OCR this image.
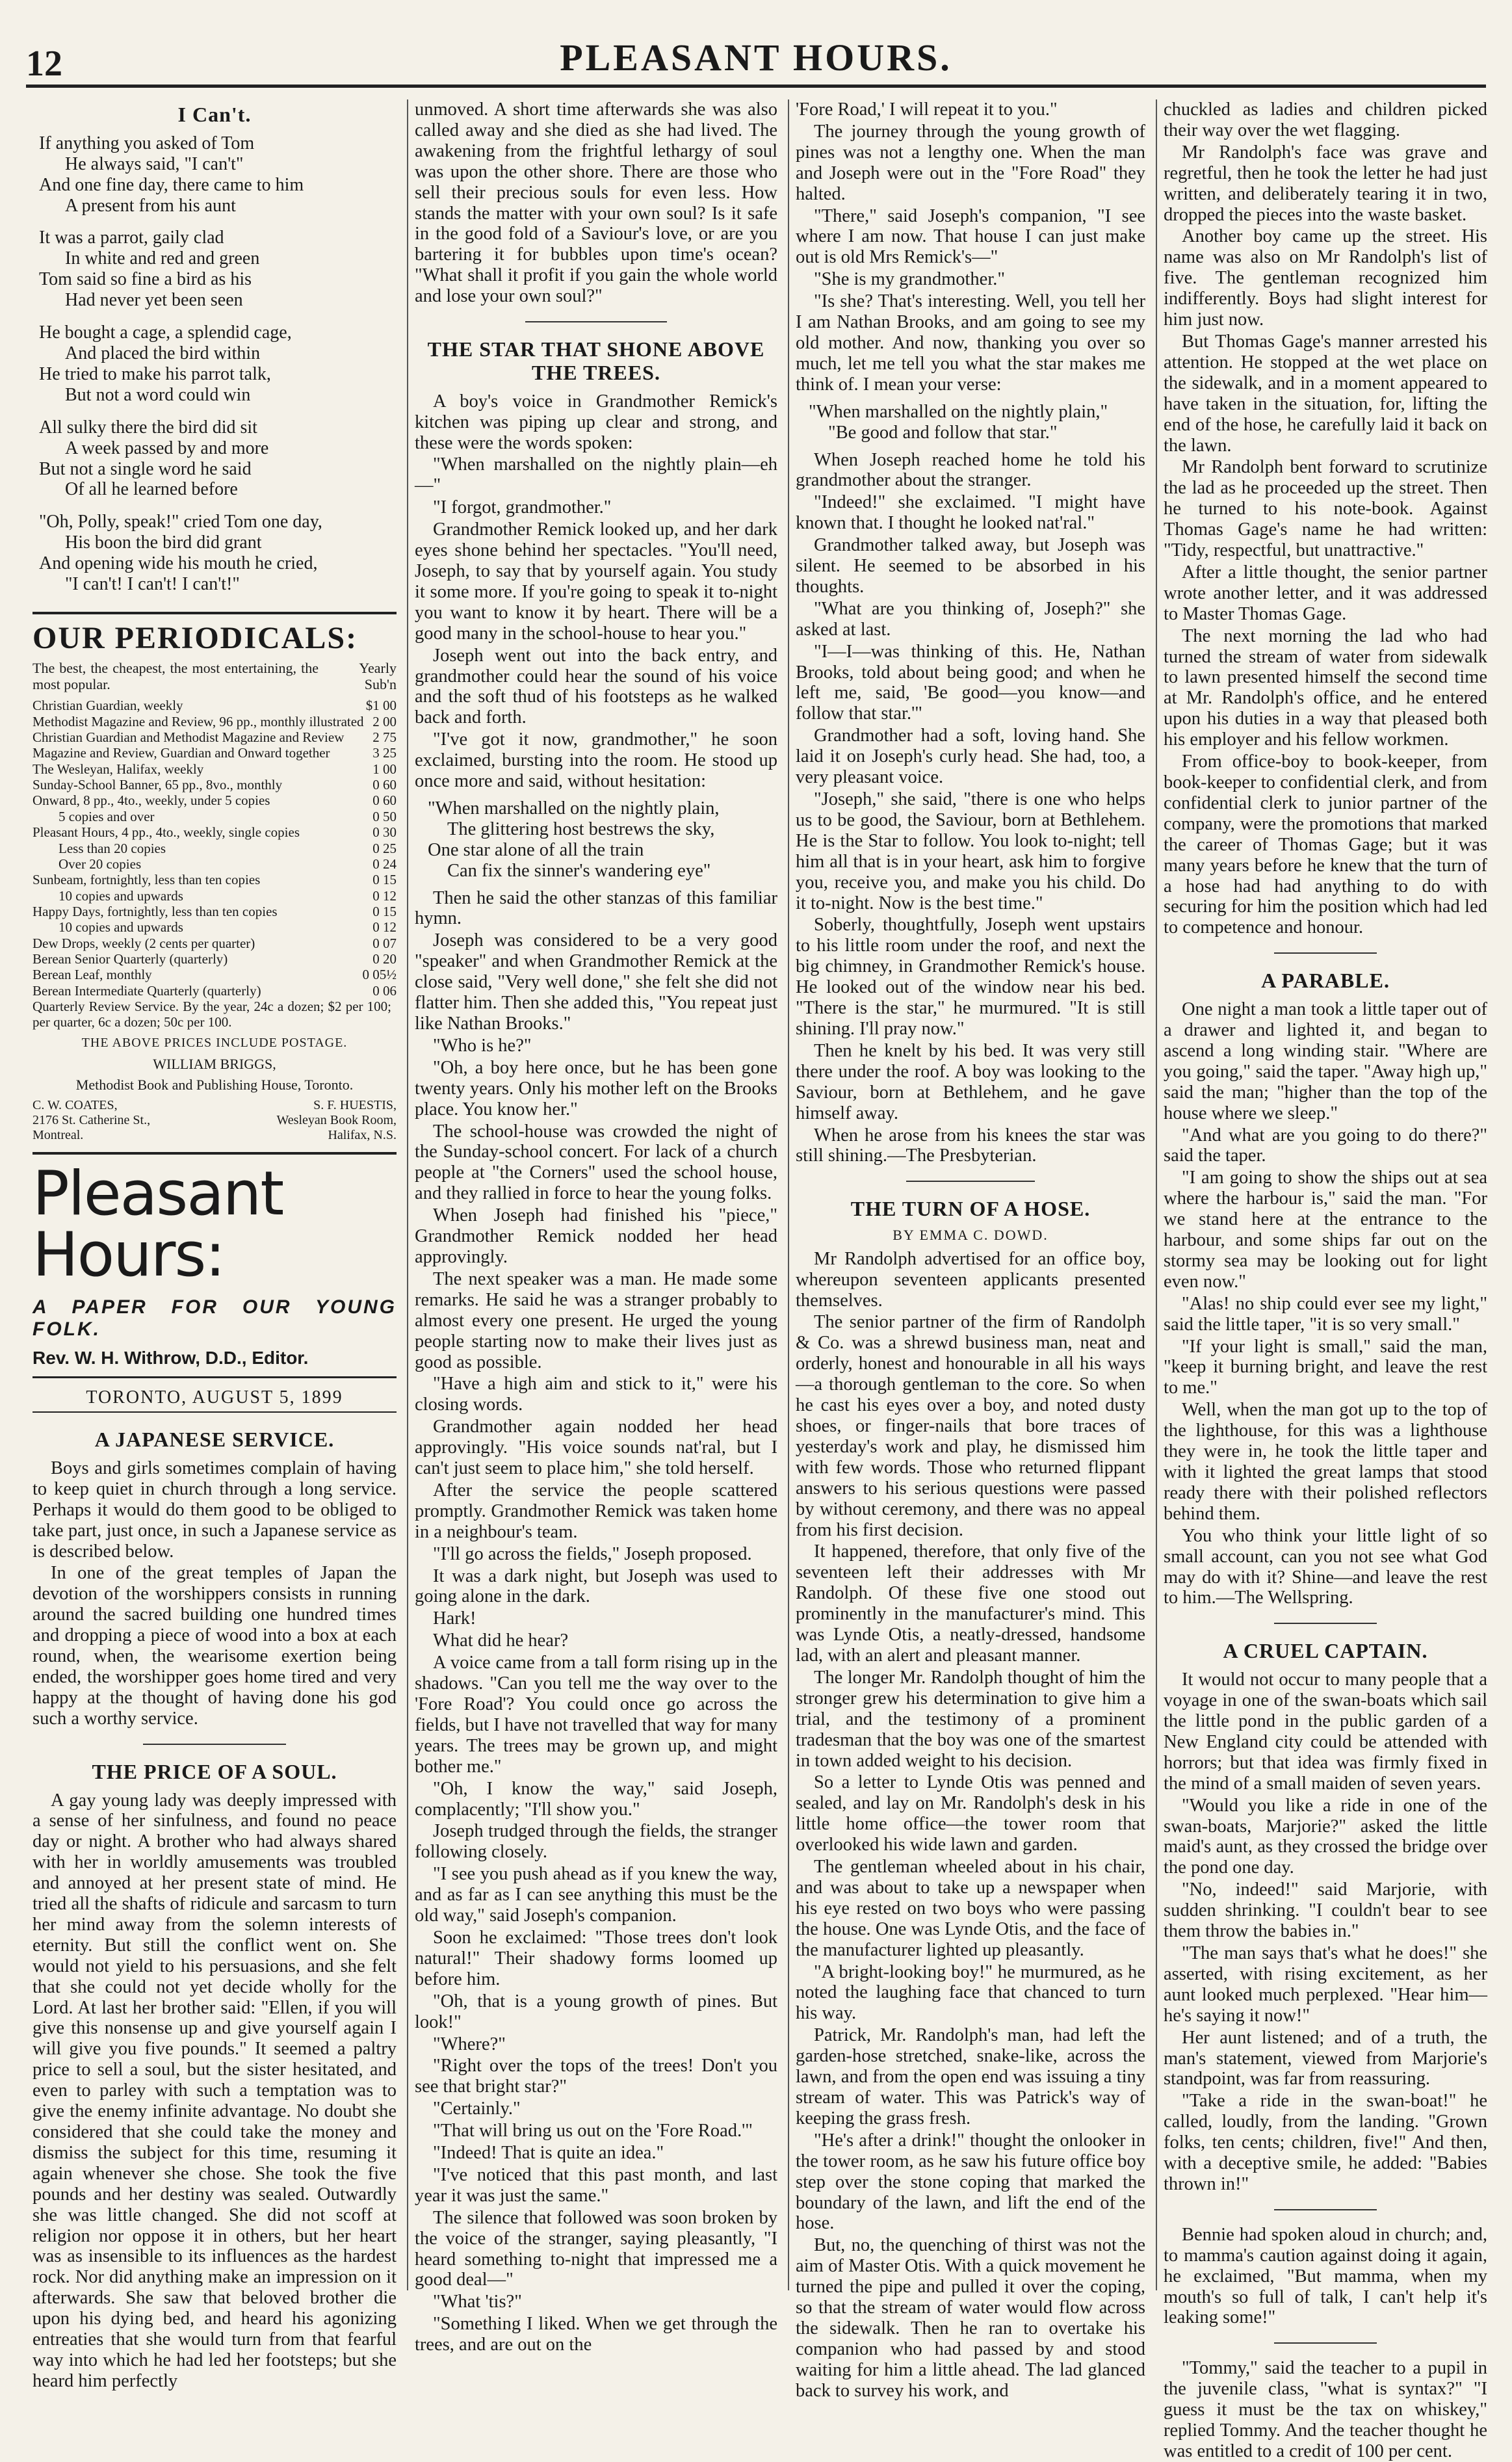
12	PLEASANT HOURS.
I Can't.
If anything you asked of Tom
He always said, "I can't"
And one fine day, there came to him
A present from his aunt
It was a parrot, gaily clad
In white and red and green
Tom said so fine a bird as his
Had never yet been seen
He bought a cage, a splendid cage,
And placed the bird within
He tried to make his parrot talk,
But not a word could win
All sulky there the bird did sit
A week passed by and more
But not a single word he said
Of all he learned before
"Oh, Polly, speak!" cried Tom one day,
His boon the bird did grant
And opening wide his mouth he cried,
"I can't! I can't! I can't!"
OUR PERIODICALS:
The best, the cheapest, the most entertaining, the most popular.
Yearly Sub'n
Christian Guardian, weekly	$1 00
Methodist Magazine and Review, 96 pp., monthly illustrated 2 00
Christian Guardian and Methodist Magazine and Review	2 75
Magazine and Review, Guardian and Onward together	3 25
The Wesleyan, Halifax, weekly	1 00
Sunday-School Banner, 65 pp., 8vo., monthly	0 60
Onward, 8 pp., 4to., weekly, under 5 copies	0 60
5 copies and over	0 50
Pleasant Hours, 4 pp., 4to., weekly, single copies	0 30
Less than 20 copies	0 25
Over 20 copies	0 24
Sunbeam, fortnightly, less than ten copies	0 15
10 copies and upwards	0 12
Happy Days, fortnightly, less than ten copies	0 15
10 copies and upwards	0 12
Dew Drops, weekly (2 cents per quarter)	0 07
Berean Senior Quarterly (quarterly)	0 20
Berean Leaf, monthly	0 05½
Berean Intermediate Quarterly (quarterly)	0 06
Quarterly Review Service. By the year, 24c a dozen; $2 per 100; per quarter, 6c a dozen; 50c per 100.
THE ABOVE PRICES INCLUDE POSTAGE.
WILLIAM BRIGGS,
Methodist Book and Publishing House, Toronto.
C. W. COATES,
2176 St. Catherine St.,
Montreal.
S. F. HUESTIS,
Wesleyan Book Room,
Halifax, N.S.
Pleasant Hours:
A PAPER FOR OUR YOUNG FOLK.
Rev. W. H. Withrow, D.D., Editor.
TORONTO, AUGUST 5, 1899
A JAPANESE SERVICE.

Boys and girls sometimes complain of having to keep quiet in church through a long service. Perhaps it would do them good to be obliged to take part, just once, in such a Japanese service as is described below.

In one of the great temples of Japan the devotion of the worshippers consists in running around the sacred building one hundred times and dropping a piece of wood into a box at each round, when, the wearisome exertion being ended, the worshipper goes home tired and very happy at the thought of having done his god such a worthy service.

THE PRICE OF A SOUL.

A gay young lady was deeply impressed with a sense of her sinfulness, and found no peace day or night. A brother who had always shared with her in worldly amusements was troubled and annoyed at her present state of mind. He tried all the shafts of ridicule and sarcasm to turn her mind away from the solemn interests of eternity. But still the conflict went on. She would not yield to his persuasions, and she felt that she could not yet decide wholly for the Lord. At last her brother said: "Ellen, if you will give this nonsense up and give yourself again I will give you five pounds." It seemed a paltry price to sell a soul, but the sister hesitated, and even to parley with such a temptation was to give the enemy infinite advantage. No doubt she considered that she could take the money and dismiss the subject for this time, resuming it again whenever she chose. She took the five pounds and her destiny was sealed. Outwardly she was little changed. She did not scoff at religion nor oppose it in others, but her heart was as insensible to its influences as the hardest rock. Nor did anything make an impression on it afterwards. She saw that beloved brother die upon his dying bed, and heard his agonizing entreaties that she would turn from that fearful way into which he had led her footsteps; but she heard him perfectly

unmoved. A short time afterwards she was also called away and she died as she had lived. The awakening from the frightful lethargy of soul was upon the other shore. There are those who sell their precious souls for even less. How stands the matter with your own soul? Is it safe in the good fold of a Saviour's love, or are you bartering it for bubbles upon time's ocean? "What shall it profit if you gain the whole world and lose your own soul?"

THE STAR THAT SHONE ABOVE THE TREES.

A boy's voice in Grandmother Remick's kitchen was piping up clear and strong, and these were the words spoken:

"When marshalled on the nightly plain—eh—"

"I forgot, grandmother."

Grandmother Remick looked up, and her dark eyes shone behind her spectacles. "You'll need, Joseph, to say that by yourself again. You study it some more. If you're going to speak it to-night you want to know it by heart. There will be a good many in the school-house to hear you."

Joseph went out into the back entry, and grandmother could hear the sound of his voice and the soft thud of his footsteps as he walked back and forth.

"I've got it now, grandmother," he soon exclaimed, bursting into the room. He stood up once more and said, without hesitation:

"When marshalled on the nightly plain,
The glittering host bestrews the sky,
One star alone of all the train
Can fix the sinner's wandering eye"

Then he said the other stanzas of this familiar hymn.

Joseph was considered to be a very good "speaker" and when Grandmother Remick at the close said, "Very well done," she felt she did not flatter him. Then she added this, "You repeat just like Nathan Brooks."

"Who is he?"

"Oh, a boy here once, but he has been gone twenty years. Only his mother left on the Brooks place. You know her."

The school-house was crowded the night of the Sunday-school concert. For lack of a church people at "the Corners" used the school house, and they rallied in force to hear the young folks.

When Joseph had finished his "piece," Grandmother Remick nodded her head approvingly.

The next speaker was a man. He made some remarks. He said he was a stranger probably to almost every one present. He urged the young people starting now to make their lives just as good as possible.

"Have a high aim and stick to it," were his closing words.

Grandmother again nodded her head approvingly. "His voice sounds nat'ral, but I can't just seem to place him," she told herself.

After the service the people scattered promptly. Grandmother Remick was taken home in a neighbour's team.

"I'll go across the fields," Joseph proposed.

It was a dark night, but Joseph was used to going alone in the dark.

Hark!

What did he hear?

A voice came from a tall form rising up in the shadows. "Can you tell me the way over to the 'Fore Road'? You could once go across the fields, but I have not travelled that way for many years. The trees may be grown up, and might bother me."

"Oh, I know the way," said Joseph, complacently; "I'll show you."

Joseph trudged through the fields, the stranger following closely.

"I see you push ahead as if you knew the way, and as far as I can see anything this must be the old way," said Joseph's companion.

Soon he exclaimed: "Those trees don't look natural!" Their shadowy forms loomed up before him.

"Oh, that is a young growth of pines. But look!"

"Where?"

"Right over the tops of the trees! Don't you see that bright star?"

"Certainly."

"That will bring us out on the 'Fore Road.'"

"Indeed! That is quite an idea."

"I've noticed that this past month, and last year it was just the same."

The silence that followed was soon broken by the voice of the stranger, saying pleasantly, "I heard something to-night that impressed me a good deal—"

"What 'tis?"

"Something I liked. When we get through the trees, and are out on the

'Fore Road,' I will repeat it to you."

The journey through the young growth of pines was not a lengthy one. When the man and Joseph were out in the "Fore Road" they halted.

"There," said Joseph's companion, "I see where I am now. That house I can just make out is old Mrs Remick's—"

"She is my grandmother."

"Is she? That's interesting. Well, you tell her I am Nathan Brooks, and am going to see my old mother. And now, thanking you over so much, let me tell you what the star makes me think of. I mean your verse:

"When marshalled on the nightly plain,"
"Be good and follow that star."

When Joseph reached home he told his grandmother about the stranger.

"Indeed!" she exclaimed. "I might have known that. I thought he looked nat'ral."

Grandmother talked away, but Joseph was silent. He seemed to be absorbed in his thoughts.

"What are you thinking of, Joseph?" she asked at last.

"I—I—was thinking of this. He, Nathan Brooks, told about being good; and when he left me, said, 'Be good—you know—and follow that star.'"

Grandmother had a soft, loving hand. She laid it on Joseph's curly head. She had, too, a very pleasant voice.

"Joseph," she said, "there is one who helps us to be good, the Saviour, born at Bethlehem. He is the Star to follow. You look to-night; tell him all that is in your heart, ask him to forgive you, receive you, and make you his child. Do it to-night. Now is the best time."

Soberly, thoughtfully, Joseph went upstairs to his little room under the roof, and next the big chimney, in Grandmother Remick's house. He looked out of the window near his bed. "There is the star," he murmured. "It is still shining. I'll pray now."

Then he knelt by his bed. It was very still there under the roof. A boy was looking to the Saviour, born at Bethlehem, and he gave himself away.

When he arose from his knees the star was still shining.—The Presbyterian.

THE TURN OF A HOSE.
BY EMMA C. DOWD.

Mr Randolph advertised for an office boy, whereupon seventeen applicants presented themselves.

The senior partner of the firm of Randolph & Co. was a shrewd business man, neat and orderly, honest and honourable in all his ways—a thorough gentleman to the core. So when he cast his eyes over a boy, and noted dusty shoes, or finger-nails that bore traces of yesterday's work and play, he dismissed him with few words. Those who returned flippant answers to his serious questions were passed by without ceremony, and there was no appeal from his first decision.

It happened, therefore, that only five of the seventeen left their addresses with Mr Randolph. Of these five one stood out prominently in the manufacturer's mind. This was Lynde Otis, a neatly-dressed, handsome lad, with an alert and pleasant manner.

The longer Mr. Randolph thought of him the stronger grew his determination to give him a trial, and the testimony of a prominent tradesman that the boy was one of the smartest in town added weight to his decision.

So a letter to Lynde Otis was penned and sealed, and lay on Mr. Randolph's desk in his little home office—the tower room that overlooked his wide lawn and garden.

The gentleman wheeled about in his chair, and was about to take up a newspaper when his eye rested on two boys who were passing the house. One was Lynde Otis, and the face of the manufacturer lighted up pleasantly.

"A bright-looking boy!" he murmured, as he noted the laughing face that chanced to turn his way.

Patrick, Mr. Randolph's man, had left the garden-hose stretched, snake-like, across the lawn, and from the open end was issuing a tiny stream of water. This was Patrick's way of keeping the grass fresh.

"He's after a drink!" thought the onlooker in the tower room, as he saw his future office boy step over the stone coping that marked the boundary of the lawn, and lift the end of the hose.

But, no, the quenching of thirst was not the aim of Master Otis. With a quick movement he turned the pipe and pulled it over the coping, so that the stream of water would flow across the sidewalk. Then he ran to overtake his companion who had passed by and stood waiting for him a little ahead. The lad glanced back to survey his work, and

chuckled as ladies and children picked their way over the wet flagging.

Mr Randolph's face was grave and regretful, then he took the letter he had just written, and deliberately tearing it in two, dropped the pieces into the waste basket.

Another boy came up the street. His name was also on Mr Randolph's list of five. The gentleman recognized him indifferently. Boys had slight interest for him just now.

But Thomas Gage's manner arrested his attention. He stopped at the wet place on the sidewalk, and in a moment appeared to have taken in the situation, for, lifting the end of the hose, he carefully laid it back on the lawn.

Mr Randolph bent forward to scrutinize the lad as he proceeded up the street. Then he turned to his note-book. Against Thomas Gage's name he had written: "Tidy, respectful, but unattractive."

After a little thought, the senior partner wrote another letter, and it was addressed to Master Thomas Gage.

The next morning the lad who had turned the stream of water from sidewalk to lawn presented himself the second time at Mr. Randolph's office, and he entered upon his duties in a way that pleased both his employer and his fellow workmen.

From office-boy to book-keeper, from book-keeper to confidential clerk, and from confidential clerk to junior partner of the company, were the promotions that marked the career of Thomas Gage; but it was many years before he knew that the turn of a hose had had anything to do with securing for him the position which had led to competence and honour.

A PARABLE.

One night a man took a little taper out of a drawer and lighted it, and began to ascend a long winding stair. "Where are you going," said the taper. "Away high up," said the man; "higher than the top of the house where we sleep."

"And what are you going to do there?" said the taper.

"I am going to show the ships out at sea where the harbour is," said the man. "For we stand here at the entrance to the harbour, and some ships far out on the stormy sea may be looking out for light even now."

"Alas! no ship could ever see my light," said the little taper, "it is so very small."

"If your light is small," said the man, "keep it burning bright, and leave the rest to me."

Well, when the man got up to the top of the lighthouse, for this was a lighthouse they were in, he took the little taper and with it lighted the great lamps that stood ready there with their polished reflectors behind them.

You who think your little light of so small account, can you not see what God may do with it? Shine—and leave the rest to him.—The Wellspring.

A CRUEL CAPTAIN.

It would not occur to many people that a voyage in one of the swan-boats which sail the little pond in the public garden of a New England city could be attended with horrors; but that idea was firmly fixed in the mind of a small maiden of seven years.

"Would you like a ride in one of the swan-boats, Marjorie?" asked the little maid's aunt, as they crossed the bridge over the pond one day.

"No, indeed!" said Marjorie, with sudden shrinking. "I couldn't bear to see them throw the babies in."

"The man says that's what he does!" she asserted, with rising excitement, as her aunt looked much perplexed. "Hear him—he's saying it now!"

Her aunt listened; and of a truth, the man's statement, viewed from Marjorie's standpoint, was far from reassuring.

"Take a ride in the swan-boat!" he called, loudly, from the landing. "Grown folks, ten cents; children, five!" And then, with a deceptive smile, he added: "Babies thrown in!"

Bennie had spoken aloud in church; and, to mamma's caution against doing it again, he exclaimed, "But mamma, when my mouth's so full of talk, I can't help it's leaking some!"

"Tommy," said the teacher to a pupil in the juvenile class, "what is syntax?" "I guess it must be the tax on whiskey," replied Tommy. And the teacher thought he was entitled to a credit of 100 per cent.
